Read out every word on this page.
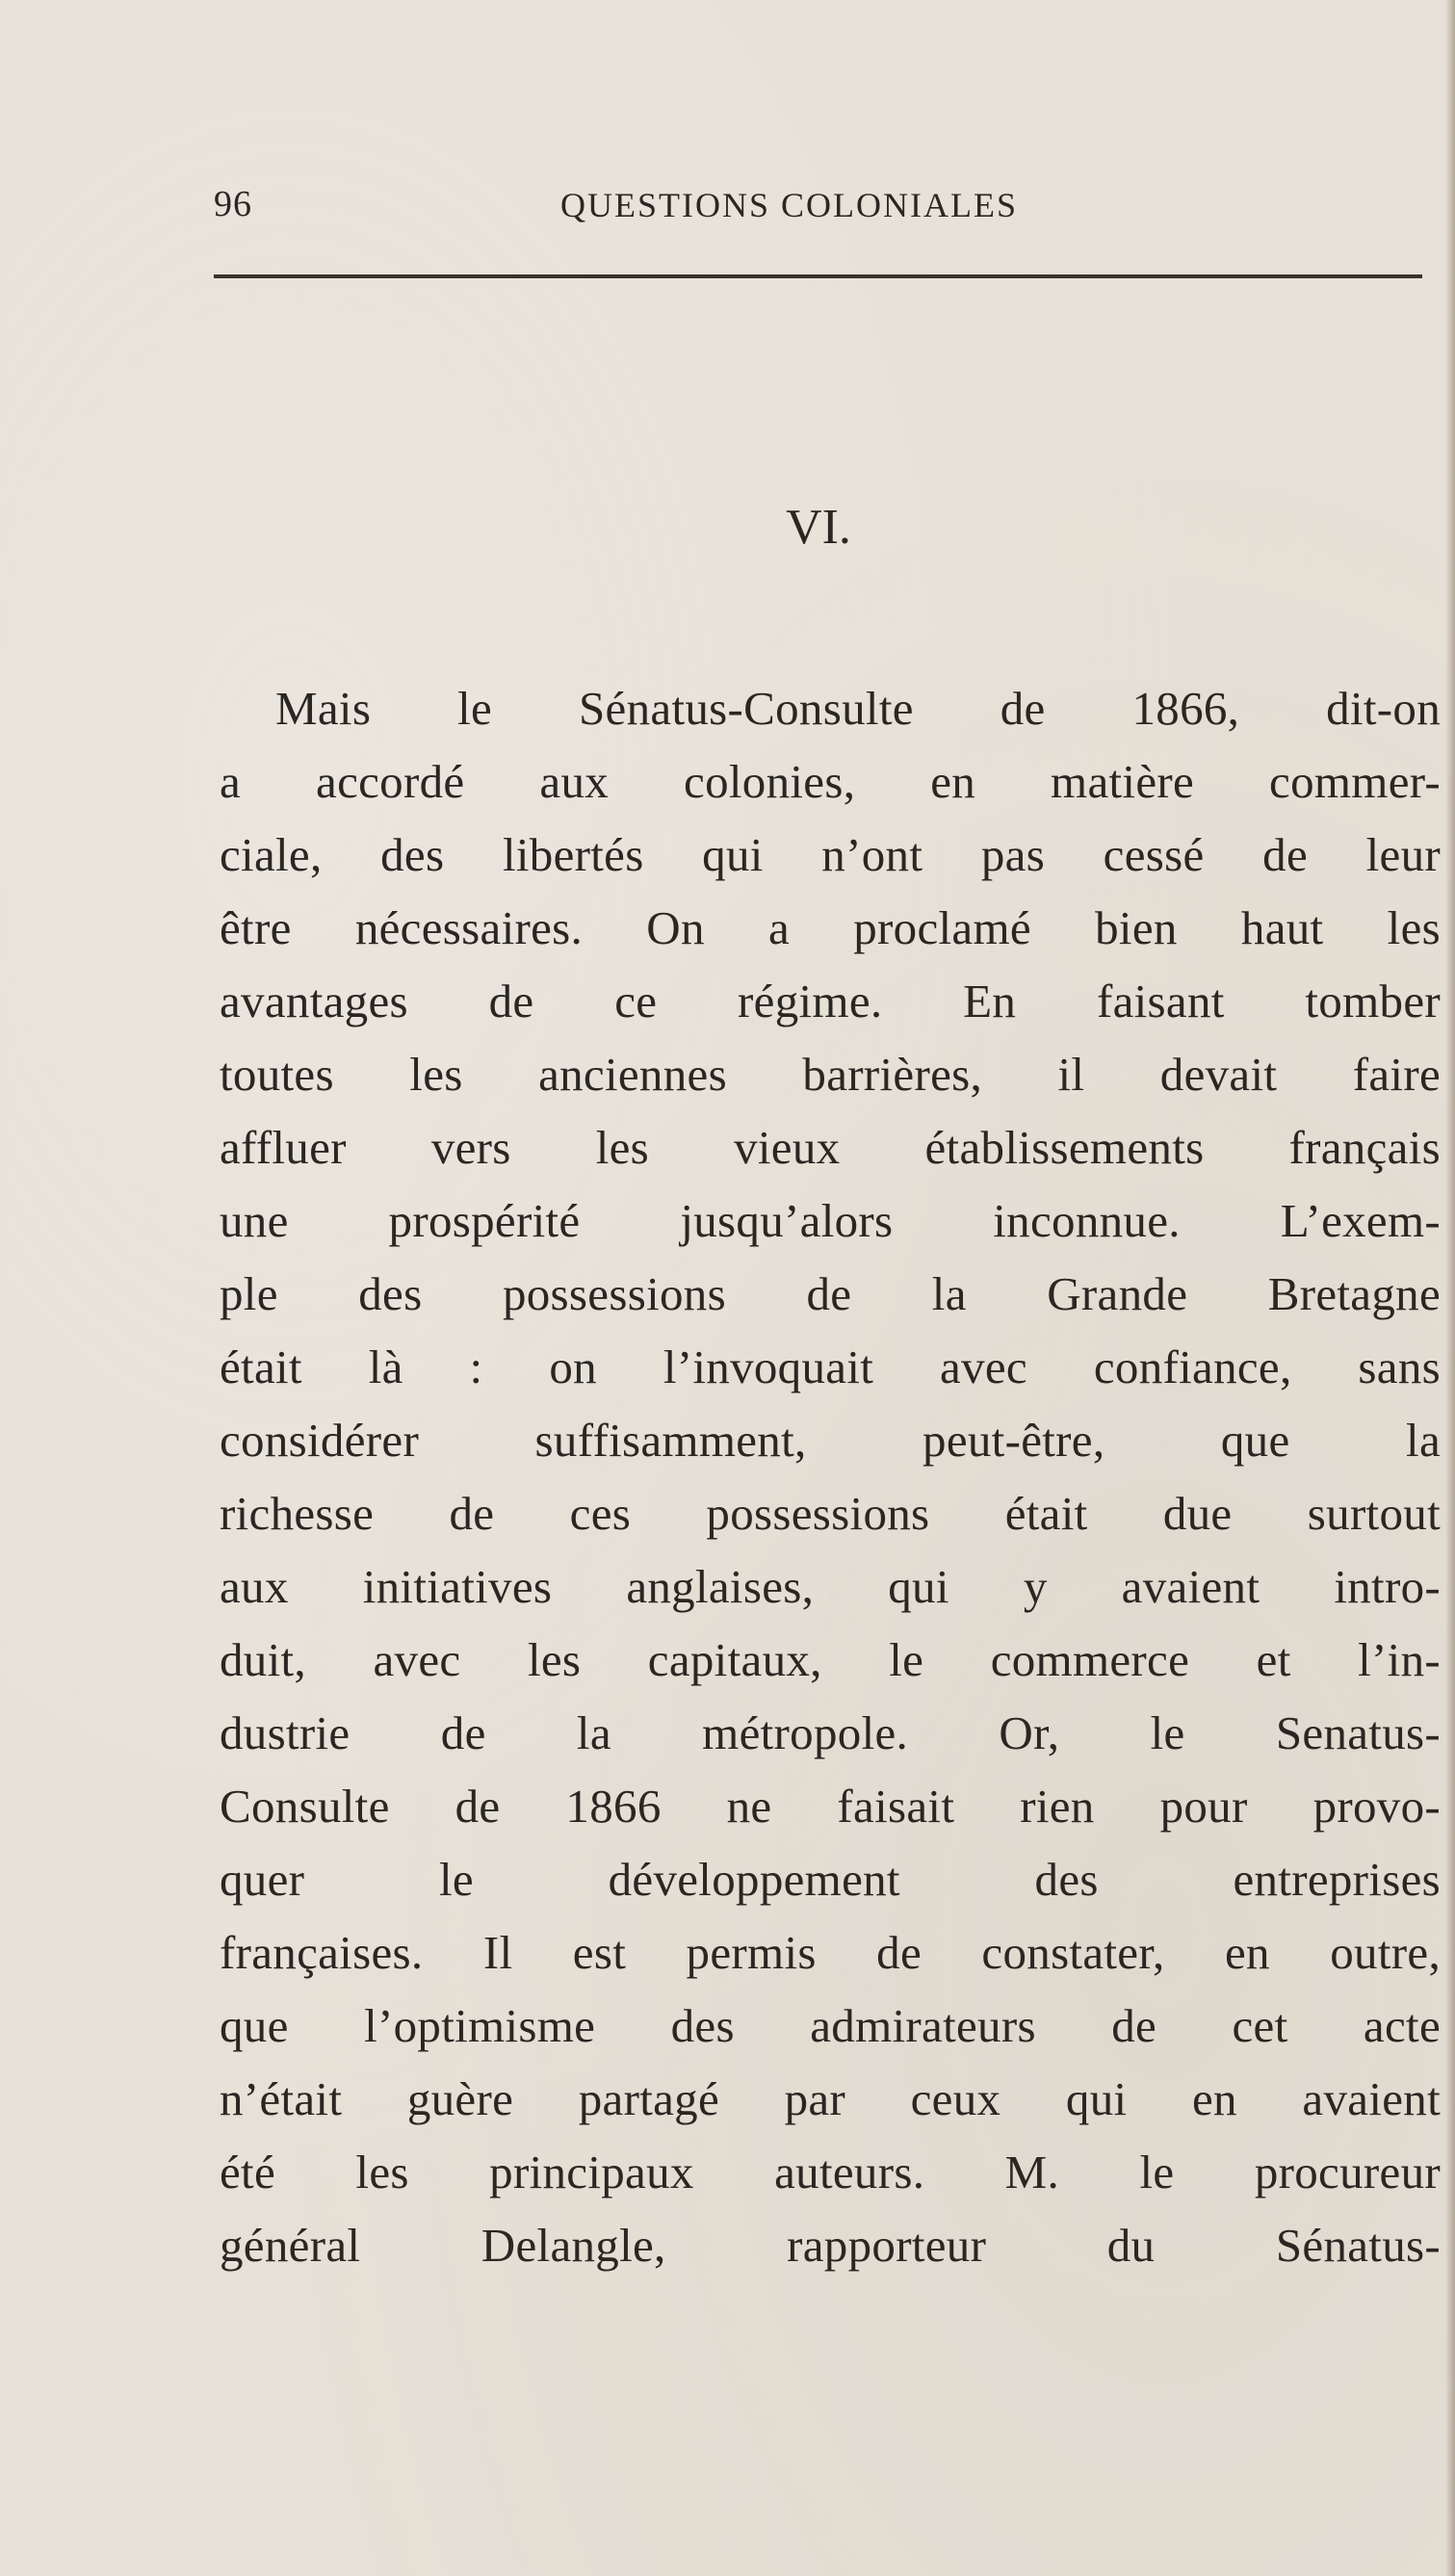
96	QUESTIONS COLONIALES
VI.
Mais le Sénatus-Consulte de 1866, dit-on
a accordé aux colonies, en matière commer-
ciale, des libertés qui n’ont pas cessé de leur
être nécessaires. On a proclamé bien haut les
avantages de ce régime. En faisant tomber
toutes les anciennes barrières, il devait faire
affluer vers les vieux établissements français
une prospérité jusqu’alors inconnue. L’exem-
ple des possessions de la Grande Bretagne
était là : on l’invoquait avec confiance, sans
considérer suffisamment, peut-être, que la
richesse de ces possessions était due surtout
aux initiatives anglaises, qui y avaient intro-
duit, avec les capitaux, le commerce et l’in-
dustrie de la métropole. Or, le Senatus-
Consulte de 1866 ne faisait rien pour provo-
quer le développement des entreprises
françaises. Il est permis de constater, en outre,
que l’optimisme des admirateurs de cet acte
n’était guère partagé par ceux qui en avaient
été les principaux auteurs. M. le procureur
général Delangle, rapporteur du Sénatus-
